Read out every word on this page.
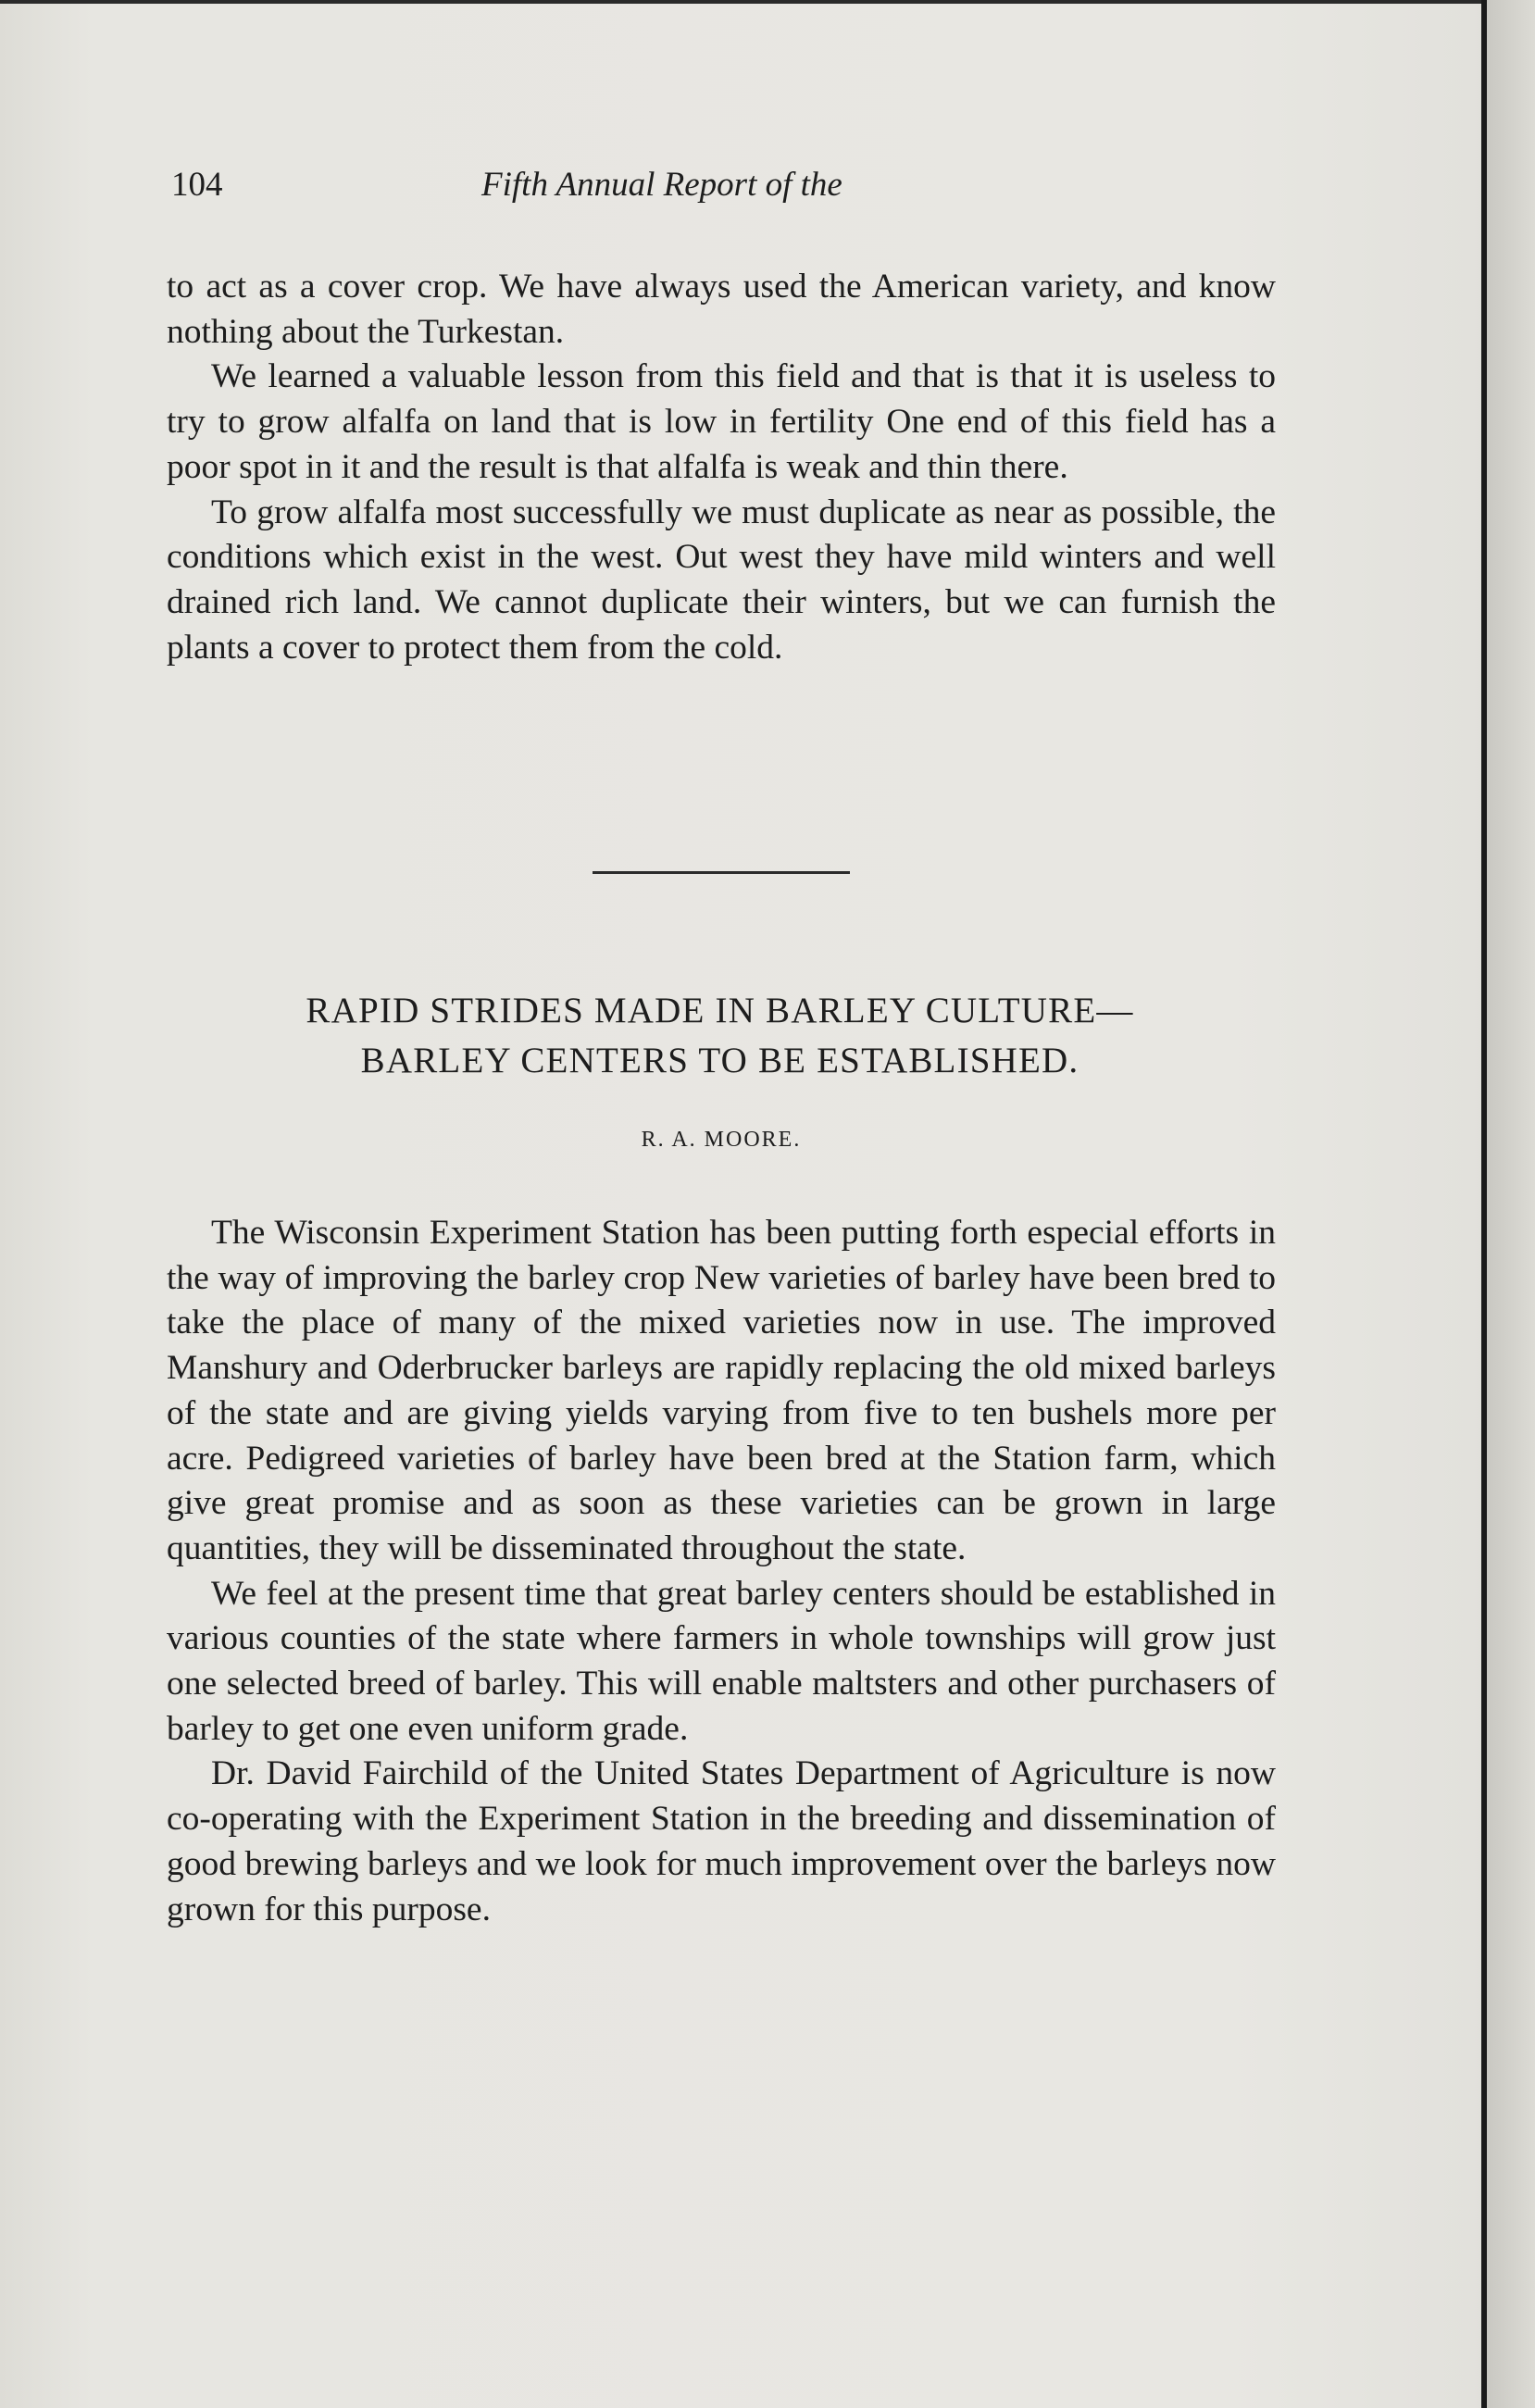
104	Fifth Annual Report of the

to act as a cover crop. We have always used the American variety, and know nothing about the Turkestan.

We learned a valuable lesson from this field and that is that it is useless to try to grow alfalfa on land that is low in fertility One end of this field has a poor spot in it and the result is that alfalfa is weak and thin there.

To grow alfalfa most successfully we must duplicate as near as possible, the conditions which exist in the west. Out west they have mild winters and well drained rich land. We cannot duplicate their winters, but we can furnish the plants a cover to protect them from the cold.

RAPID STRIDES MADE IN BARLEY CULTURE—
BARLEY CENTERS TO BE ESTABLISHED.
R. A. MOORE.

The Wisconsin Experiment Station has been putting forth especial efforts in the way of improving the barley crop New varieties of barley have been bred to take the place of many of the mixed varieties now in use. The improved Manshury and Oderbrucker barleys are rapidly replacing the old mixed barleys of the state and are giving yields varying from five to ten bushels more per acre. Pedigreed varieties of barley have been bred at the Station farm, which give great promise and as soon as these varieties can be grown in large quantities, they will be disseminated throughout the state.

We feel at the present time that great barley centers should be established in various counties of the state where farmers in whole townships will grow just one selected breed of barley. This will enable maltsters and other purchasers of barley to get one even uniform grade.

Dr. David Fairchild of the United States Department of Agriculture is now co-operating with the Experiment Station in the breeding and dissemination of good brewing barleys and we look for much improvement over the barleys now grown for this purpose.
